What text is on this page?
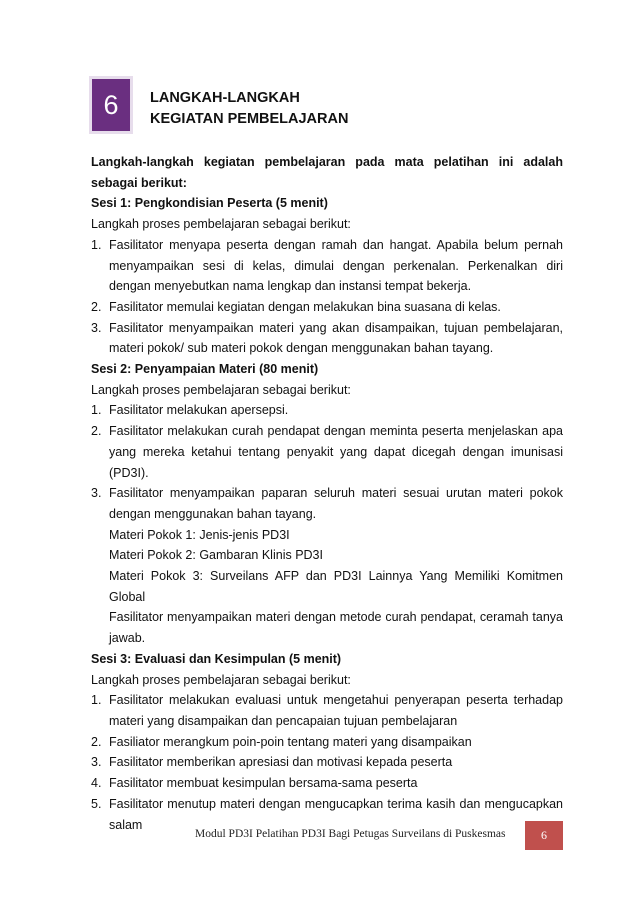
6 LANGKAH-LANGKAH
KEGIATAN PEMBELAJARAN

Langkah-langkah kegiatan pembelajaran pada mata pelatihan ini adalah sebagai berikut:

Sesi 1: Pengkondisian Peserta (5 menit)

Langkah proses pembelajaran sebagai berikut:

1. Fasilitator menyapa peserta dengan ramah dan hangat. Apabila belum pernah menyampaikan sesi di kelas, dimulai dengan perkenalan. Perkenalkan diri dengan menyebutkan nama lengkap dan instansi tempat bekerja.
2. Fasilitator memulai kegiatan dengan melakukan bina suasana di kelas.
3. Fasilitator menyampaikan materi yang akan disampaikan, tujuan pembelajaran, materi pokok/ sub materi pokok dengan menggunakan bahan tayang.

Sesi 2: Penyampaian Materi (80 menit)

Langkah proses pembelajaran sebagai berikut:

1. Fasilitator melakukan apersepsi.
2. Fasilitator melakukan curah pendapat dengan meminta peserta menjelaskan apa yang mereka ketahui tentang penyakit yang dapat dicegah dengan imunisasi (PD3I).
3. Fasilitator menyampaikan paparan seluruh materi sesuai urutan materi pokok dengan menggunakan bahan tayang.

Materi Pokok 1: Jenis-jenis PD3I

Materi Pokok 2: Gambaran Klinis PD3I

Materi Pokok 3: Surveilans AFP dan PD3I Lainnya Yang Memiliki Komitmen Global

Fasilitator menyampaikan materi dengan metode curah pendapat, ceramah tanya jawab.

Sesi 3: Evaluasi dan Kesimpulan (5 menit)

Langkah proses pembelajaran sebagai berikut:

1. Fasilitator melakukan evaluasi untuk mengetahui penyerapan peserta terhadap materi yang disampaikan dan pencapaian tujuan pembelajaran
2. Fasiliator merangkum poin-poin tentang materi yang disampaikan
3. Fasilitator memberikan apresiasi dan motivasi kepada peserta
4. Fasilitator membuat kesimpulan bersama-sama peserta
5. Fasilitator menutup materi dengan mengucapkan terima kasih dan mengucapkan salam
Modul PD3I Pelatihan PD3I Bagi Petugas Surveilans di Puskesmas	6
